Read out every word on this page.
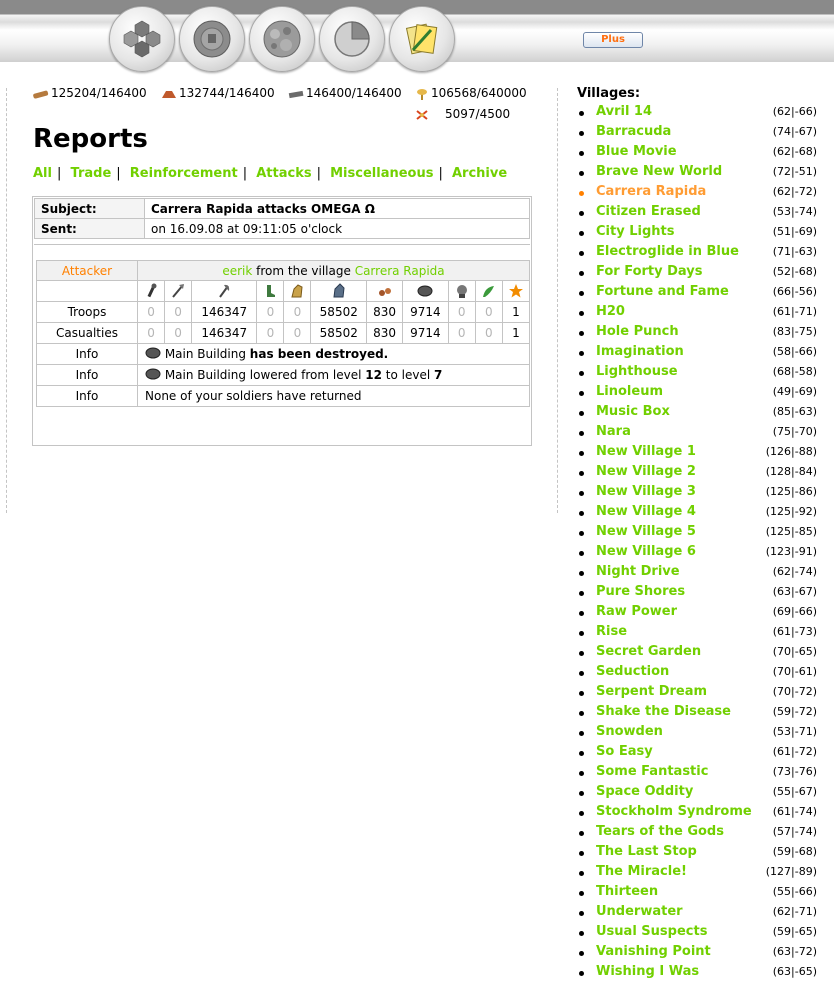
Plus
125204/146400	132744/146400	146400/146400	106568/640000
5097/4500
Reports
All | Trade | Reinforcement | Attacks | Miscellaneous | Archive
Subject:	Carrera Rapida attacks OMEGA Ω
Sent:	on 16.09.08 at 09:11:05 o'clock
Attacker	eerik from the village Carrera Rapida										

Troops	0	0	146347	0	0	58502	830	9714	0	0	1
Casualties	0	0	146347	0	0	58502	830	9714	0	0	1
Info	Main Building has been destroyed.										
Info	Main Building lowered from level 12 to level 7										
Info	None of your soldiers have returned										
Villages:
Avril 14	(62|-66)
Barracuda	(74|-67)
Blue Movie	(62|-68)
Brave New World	(72|-51)
Carrera Rapida	(62|-72)
Citizen Erased	(53|-74)
City Lights	(51|-69)
Electroglide in Blue	(71|-63)
For Forty Days	(52|-68)
Fortune and Fame	(66|-56)
H20	(61|-71)
Hole Punch	(83|-75)
Imagination	(58|-66)
Lighthouse	(68|-58)
Linoleum	(49|-69)
Music Box	(85|-63)
Nara	(75|-70)
New Village 1	(126|-88)
New Village 2	(128|-84)
New Village 3	(125|-86)
New Village 4	(125|-92)
New Village 5	(125|-85)
New Village 6	(123|-91)
Night Drive	(62|-74)
Pure Shores	(63|-67)
Raw Power	(69|-66)
Rise	(61|-73)
Secret Garden	(70|-65)
Seduction	(70|-61)
Serpent Dream	(70|-72)
Shake the Disease	(59|-72)
Snowden	(53|-71)
So Easy	(61|-72)
Some Fantastic	(73|-76)
Space Oddity	(55|-67)
Stockholm Syndrome (61|-74)
Tears of the Gods	(57|-74)
The Last Stop	(59|-68)
The Miracle!	(127|-89)
Thirteen	(55|-66)
Underwater	(62|-71)
Usual Suspects	(59|-65)
Vanishing Point	(63|-72)
Wishing I Was	(63|-65)
